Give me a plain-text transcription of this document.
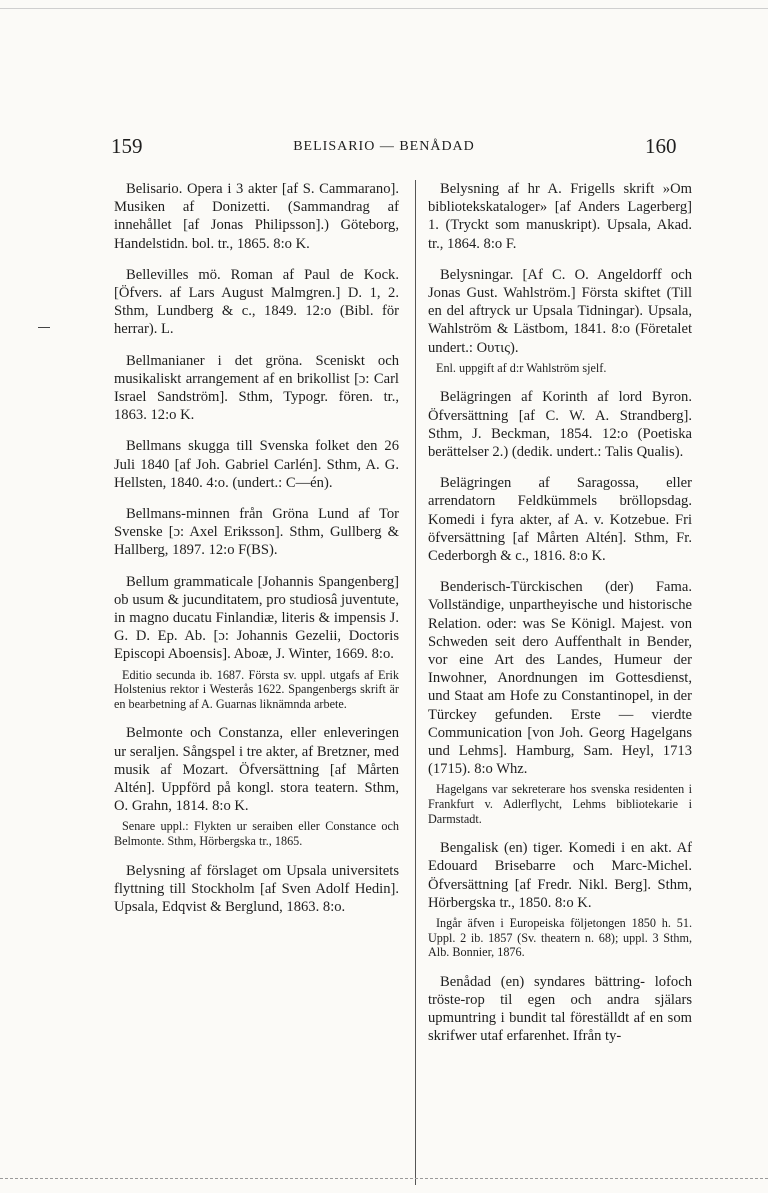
159	BELISARIO — BENÅDAD	160

Belisario. Opera i 3 akter [af S. Cammarano]. Musiken af Donizetti. (Sammandrag af innehållet [af Jonas Philipsson].) Göteborg, Handelstidn. bol. tr., 1865. 8:o K.

Bellevilles mö. Roman af Paul de Kock. [Öfvers. af Lars August Malmgren.] D. 1, 2. Sthm, Lundberg & c., 1849. 12:o (Bibl. för herrar). L.

Bellmanianer i det gröna. Sceniskt och musikaliskt arrangement af en brikollist [ɔ: Carl Israel Sandström]. Sthm, Typogr. fören. tr., 1863. 12:o K.

Bellmans skugga till Svenska folket den 26 Juli 1840 [af Joh. Gabriel Carlén]. Sthm, A. G. Hellsten, 1840. 4:o. (undert.: C—én).

Bellmans-minnen från Gröna Lund af Tor Svenske [ɔ: Axel Eriksson]. Sthm, Gullberg & Hallberg, 1897. 12:o F(BS).

Bellum grammaticale [Johannis Spangenberg] ob usum & jucunditatem, pro studiosâ juventute, in magno ducatu Finlandiæ, literis & impensis J. G. D. Ep. Ab. [ɔ: Johannis Gezelii, Doctoris Episcopi Aboensis]. Aboæ, J. Winter, 1669. 8:o.

Editio secunda ib. 1687. Första sv. uppl. utgafs af Erik Holstenius rektor i Westerås 1622. Spangenbergs skrift är en bearbetning af A. Guarnas liknämnda arbete.

Belmonte och Constanza, eller enleveringen ur seraljen. Sångspel i tre akter, af Bretzner, med musik af Mozart. Öfversättning [af Mårten Altén]. Uppförd på kongl. stora teatern. Sthm, O. Grahn, 1814. 8:o K.

Senare uppl.: Flykten ur seraiben eller Constance och Belmonte. Sthm, Hörbergska tr., 1865.

Belysning af förslaget om Upsala universitets flyttning till Stockholm [af Sven Adolf Hedin]. Upsala, Edqvist & Berglund, 1863. 8:o.

Belysning af hr A. Frigells skrift »Om bibliotekskataloger» [af Anders Lagerberg] 1. (Tryckt som manuskript). Upsala, Akad. tr., 1864. 8:o F.

Belysningar. [Af C. O. Angeldorff och Jonas Gust. Wahlström.] Första skiftet (Till en del aftryck ur Upsala Tidningar). Upsala, Wahlström & Lästbom, 1841. 8:o (Företalet undert.: Ουτις).

Enl. uppgift af d:r Wahlström sjelf.

Belägringen af Korinth af lord Byron. Öfversättning [af C. W. A. Strandberg]. Sthm, J. Beckman, 1854. 12:o (Poetiska berättelser 2.) (dedik. undert.: Talis Qualis).

Belägringen af Saragossa, eller arrendatorn Feldkümmels bröllopsdag. Komedi i fyra akter, af A. v. Kotzebue. Fri öfversättning [af Mårten Altén]. Sthm, Fr. Cederborgh & c., 1816. 8:o K.

Benderisch-Türckischen (der) Fama. Vollständige, unpartheyische und historische Relation. oder: was Se Königl. Majest. von Schweden seit dero Auffenthalt in Bender, vor eine Art des Landes, Humeur der Inwohner, Anordnungen im Gottesdienst, und Staat am Hofe zu Constantinopel, in der Türckey gefunden. Erste — vierdte Communication [von Joh. Georg Hagelgans und Lehms]. Hamburg, Sam. Heyl, 1713 (1715). 8:o Whz.

Hagelgans var sekreterare hos svenska residenten i Frankfurt v. Adlerflycht, Lehms bibliotekarie i Darmstadt.

Bengalisk (en) tiger. Komedi i en akt. Af Edouard Brisebarre och Marc-Michel. Öfversättning [af Fredr. Nikl. Berg]. Sthm, Hörbergska tr., 1850. 8:o K.

Ingår äfven i Europeiska följetongen 1850 h. 51. Uppl. 2 ib. 1857 (Sv. theatern n. 68); uppl. 3 Sthm, Alb. Bonnier, 1876.

Benådad (en) syndares bättring- lofoch tröste-rop til egen och andra själars upmuntring i bundit tal föreställdt af en som skrifwer utaf erfarenhet. Ifrån ty-
